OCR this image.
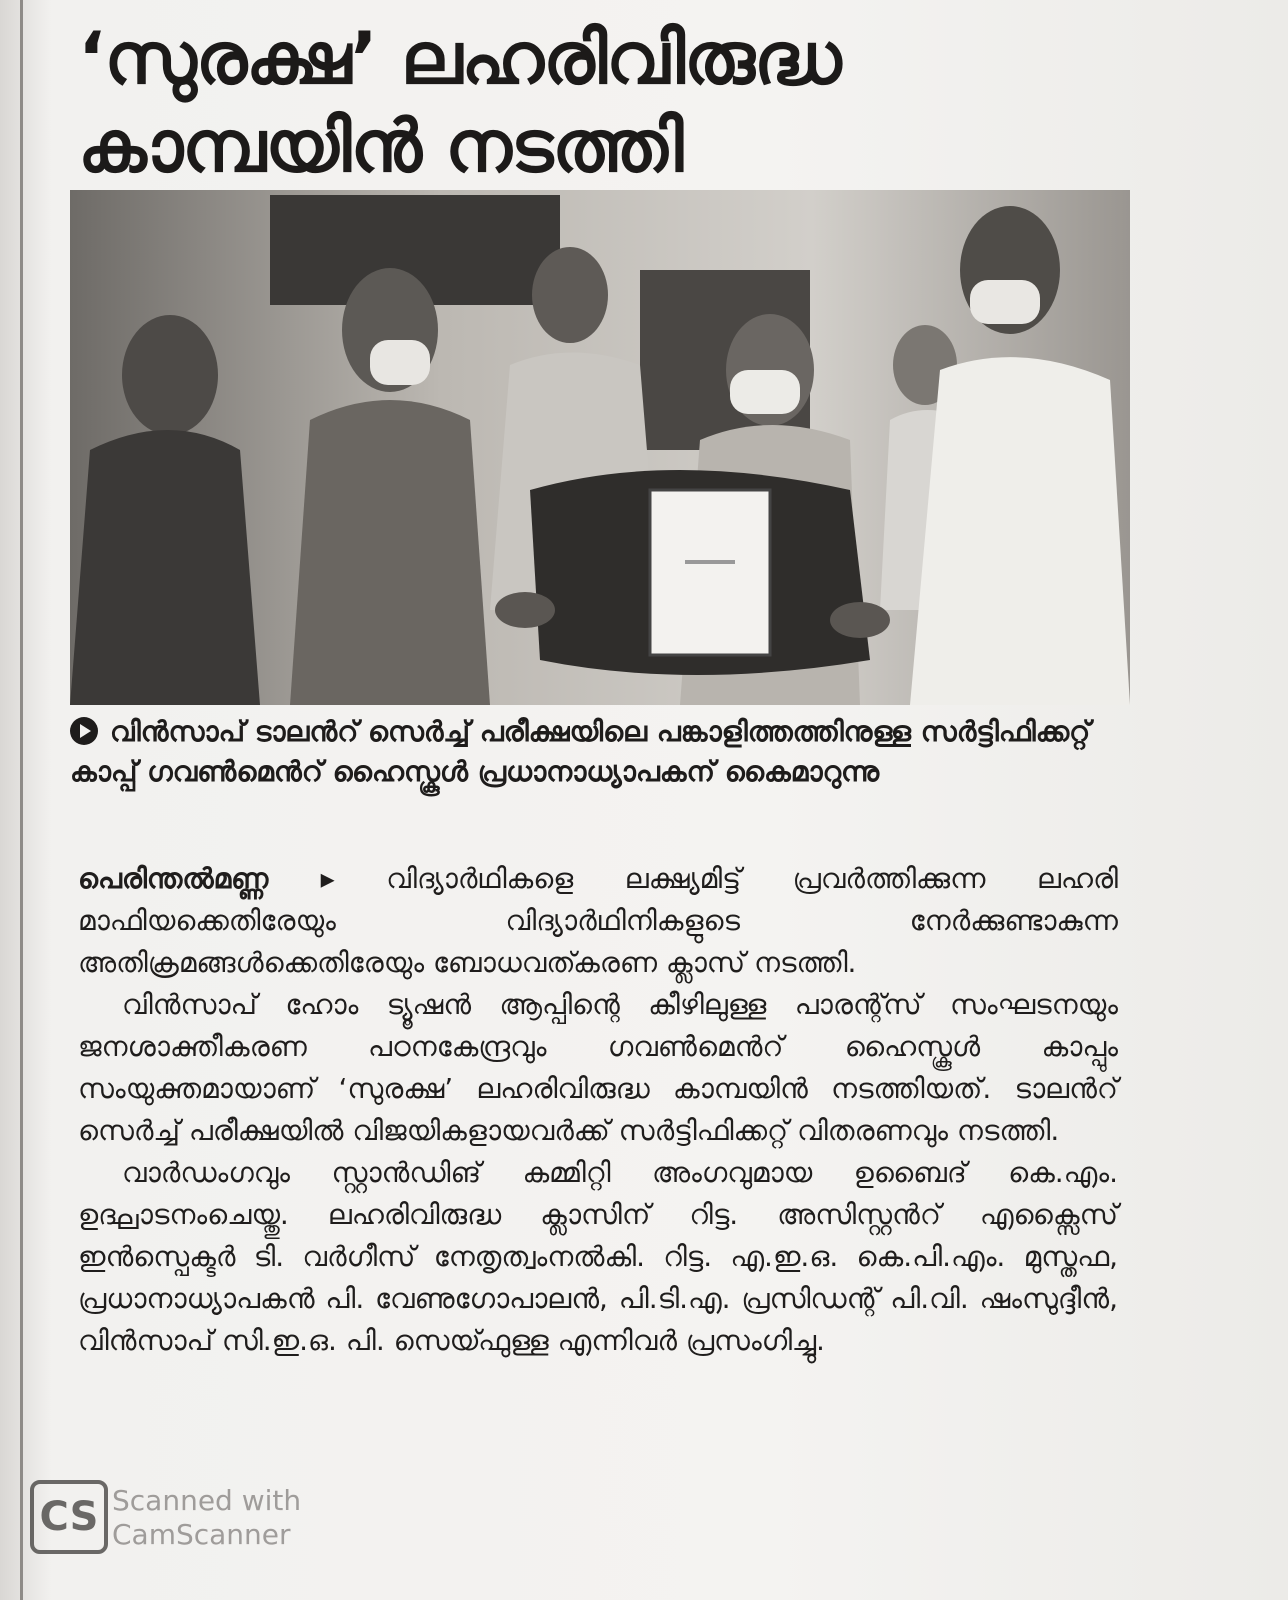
‘സുരക്ഷ’ ലഹരിവിരുദ്ധ
കാമ്പയിൻ നടത്തി

വിൻസാപ് ടാലൻറ് സെർച്ച് പരീക്ഷയിലെ പങ്കാളിത്തത്തിനുള്ള സർട്ടിഫിക്കറ്റ് കാപ്പ് ഗവൺമെൻറ് ഹൈസ്കൂൾ പ്രധാനാധ്യാപകന് കൈമാറുന്നു

പെരിന്തൽമണ്ണ ▸ വിദ്യാർഥികളെ ലക്ഷ്യമിട്ട് പ്രവർത്തിക്കുന്ന ലഹരി മാഫിയക്കെതിരേയും വിദ്യാർഥിനികളുടെ നേർക്കുണ്ടാകുന്ന അതിക്രമങ്ങൾക്കെതിരേയും ബോധവത്കരണ ക്ലാസ് നടത്തി.

വിൻസാപ് ഹോം ട്യൂഷൻ ആപ്പിന്റെ കീഴിലുള്ള പാരന്റ്സ് സംഘടനയും ജനശാക്തീകരണ പഠനകേന്ദ്രവും ഗവൺമെൻറ് ഹൈസ്കൂൾ കാപ്പും സംയുക്തമായാണ് ‘സുരക്ഷ’ ലഹരിവിരുദ്ധ കാമ്പയിൻ നടത്തിയത്. ടാലൻറ് സെർച്ച് പരീക്ഷയിൽ വിജയികളായവർക്ക് സർട്ടിഫിക്കറ്റ് വിതരണവും നടത്തി.

വാർഡംഗവും സ്റ്റാൻഡിങ് കമ്മിറ്റി അംഗവുമായ ഉബൈദ് കെ.എം. ഉദ്ഘാടനംചെയ്തു. ലഹരിവിരുദ്ധ ക്ലാസിന് റിട്ട. അസിസ്റ്റൻറ് എക്സൈസ് ഇൻസ്പെക്ടർ ടി. വർഗീസ് നേതൃത്വംനൽകി. റിട്ട. എ.ഇ.ഒ. കെ.പി.എം. മുസ്തഫ, പ്രധാനാധ്യാപകൻ പി. വേണുഗോപാലൻ, പി.ടി.എ. പ്രസിഡന്റ് പി.വി. ഷംസുദ്ദീൻ, വിൻസാപ് സി.ഇ.ഒ. പി. സെയ്ഫുള്ള എന്നിവർ പ്രസംഗിച്ചു.

CS Scanned with
CamScanner
